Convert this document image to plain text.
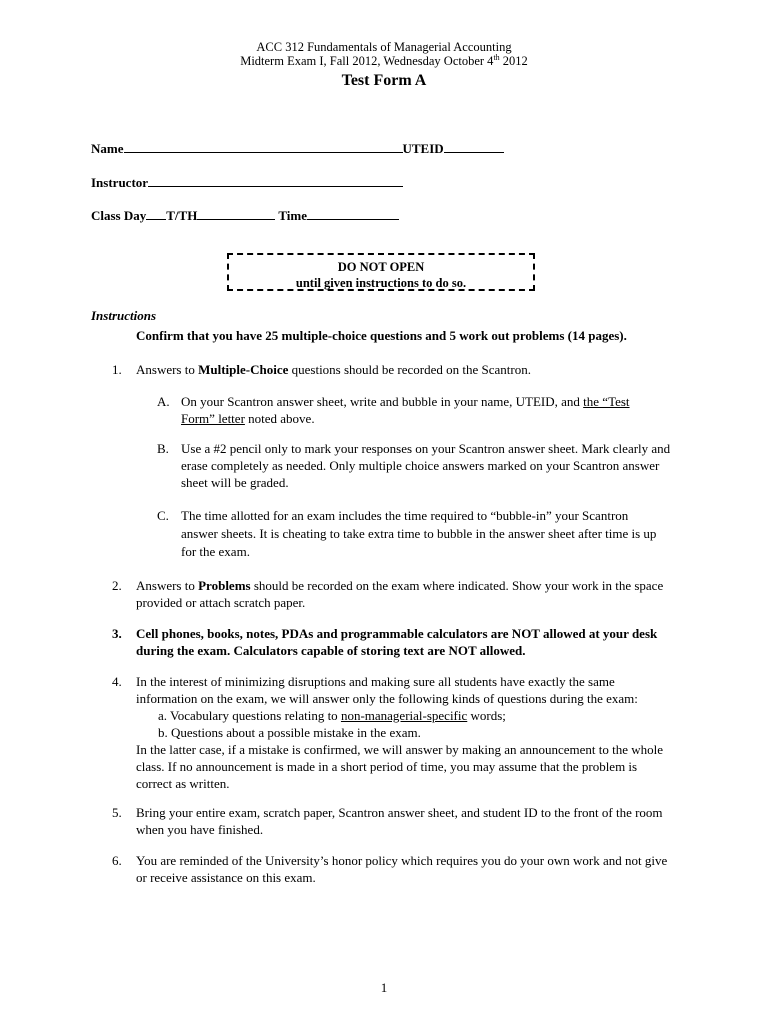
ACC 312 Fundamentals of Managerial Accounting
Midterm Exam I, Fall 2012, Wednesday October 4th 2012
Test Form A
Name	UTEID
Instructor
Class Day T/TH	Time
DO NOT OPEN
until given instructions to do so.
Instructions
Confirm that you have 25 multiple-choice questions and 5 work out problems (14 pages).
1. Answers to Multiple-Choice questions should be recorded on the Scantron.
A. On your Scantron answer sheet, write and bubble in your name, UTEID, and the “Test Form” letter noted above.
B. Use a #2 pencil only to mark your responses on your Scantron answer sheet. Mark clearly and erase completely as needed. Only multiple choice answers marked on your Scantron answer sheet will be graded.
C. The time allotted for an exam includes the time required to “bubble-in” your Scantron answer sheets. It is cheating to take extra time to bubble in the answer sheet after time is up for the exam.
2. Answers to Problems should be recorded on the exam where indicated. Show your work in the space provided or attach scratch paper.
3. Cell phones, books, notes, PDAs and programmable calculators are NOT allowed at your desk during the exam. Calculators capable of storing text are NOT allowed.
4. In the interest of minimizing disruptions and making sure all students have exactly the same information on the exam, we will answer only the following kinds of questions during the exam:
a. Vocabulary questions relating to non-managerial-specific words;
b. Questions about a possible mistake in the exam.
In the latter case, if a mistake is confirmed, we will answer by making an announcement to the whole class. If no announcement is made in a short period of time, you may assume that the problem is correct as written.
5. Bring your entire exam, scratch paper, Scantron answer sheet, and student ID to the front of the room when you have finished.
6. You are reminded of the University’s honor policy which requires you do your own work and not give or receive assistance on this exam.
1
